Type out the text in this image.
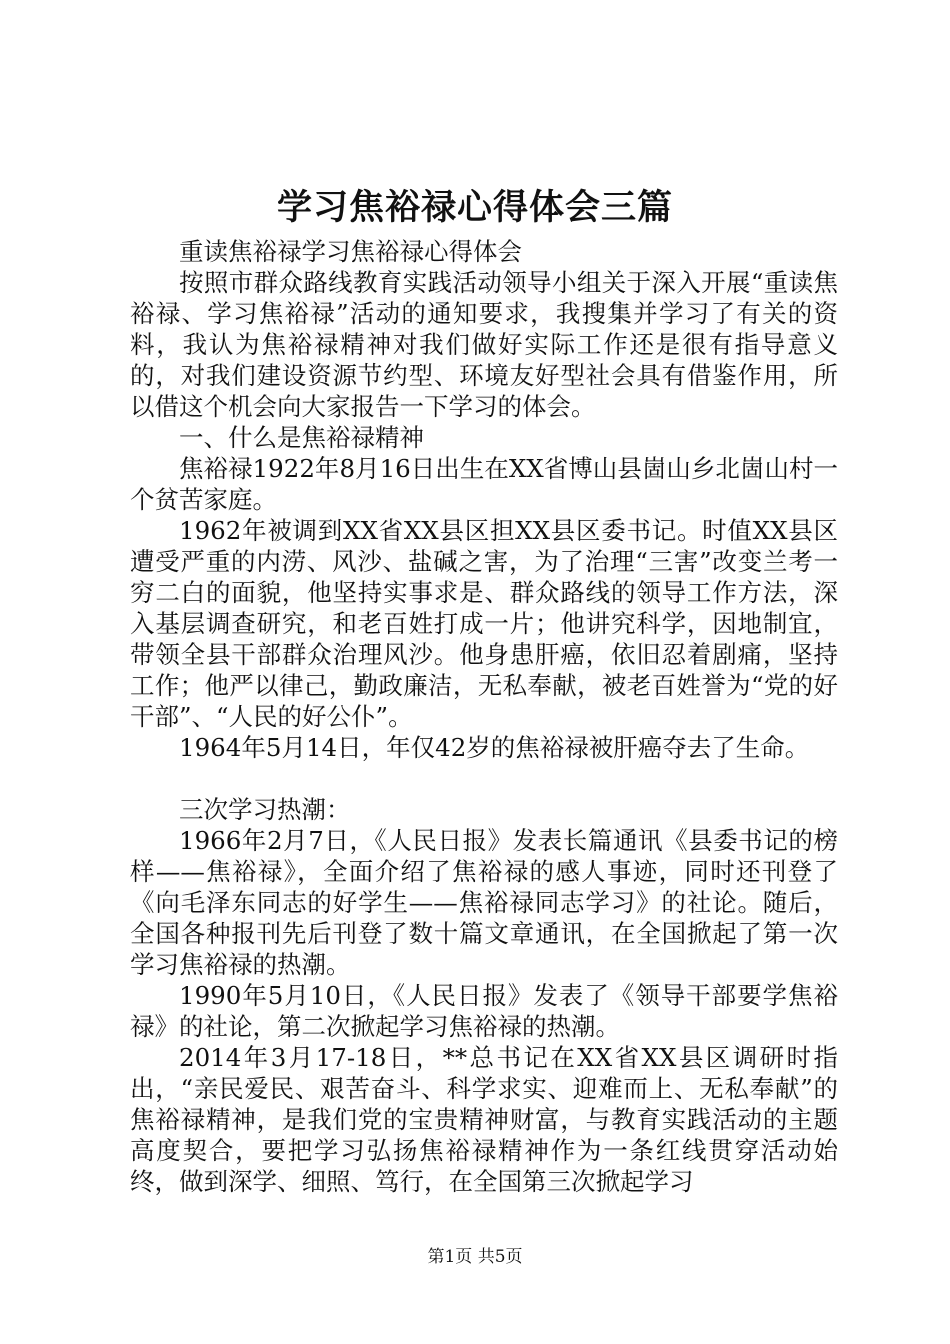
学习焦裕禄心得体会三篇

重读焦裕禄学习焦裕禄心得体会

按照市群众路线教育实践活动领导小组关于深入开展“重读焦裕禄、学习焦裕禄”活动的通知要求，我搜集并学习了有关的资料，我认为焦裕禄精神对我们做好实际工作还是很有指导意义的，对我们建设资源节约型、环境友好型社会具有借鉴作用，所以借这个机会向大家报告一下学习的体会。

一、什么是焦裕禄精神

焦裕禄1922年8月16日出生在XX省博山县崮山乡北崮山村一个贫苦家庭。

1962年被调到XX省XX县区担XX县区委书记。时值XX县区遭受严重的内涝、风沙、盐碱之害，为了治理“三害”改变兰考一穷二白的面貌，他坚持实事求是、群众路线的领导工作方法，深入基层调查研究，和老百姓打成一片；他讲究科学，因地制宜，带领全县干部群众治理风沙。他身患肝癌，依旧忍着剧痛，坚持工作；他严以律己，勤政廉洁，无私奉献，被老百姓誉为“党的好干部”、“人民的好公仆”。

1964年5月14日，年仅42岁的焦裕禄被肝癌夺去了生命。

三次学习热潮：

1966年2月7日，《人民日报》发表长篇通讯《县委书记的榜样——焦裕禄》，全面介绍了焦裕禄的感人事迹，同时还刊登了《向毛泽东同志的好学生——焦裕禄同志学习》的社论。随后，全国各种报刊先后刊登了数十篇文章通讯，在全国掀起了第一次学习焦裕禄的热潮。

1990年5月10日，《人民日报》发表了《领导干部要学焦裕禄》的社论，第二次掀起学习焦裕禄的热潮。

2014年3月17-18日，**总书记在XX省XX县区调研时指出，“亲民爱民、艰苦奋斗、科学求实、迎难而上、无私奉献”的焦裕禄精神，是我们党的宝贵精神财富，与教育实践活动的主题高度契合，要把学习弘扬焦裕禄精神作为一条红线贯穿活动始终，做到深学、细照、笃行，在全国第三次掀起学习

第1页 共5页
